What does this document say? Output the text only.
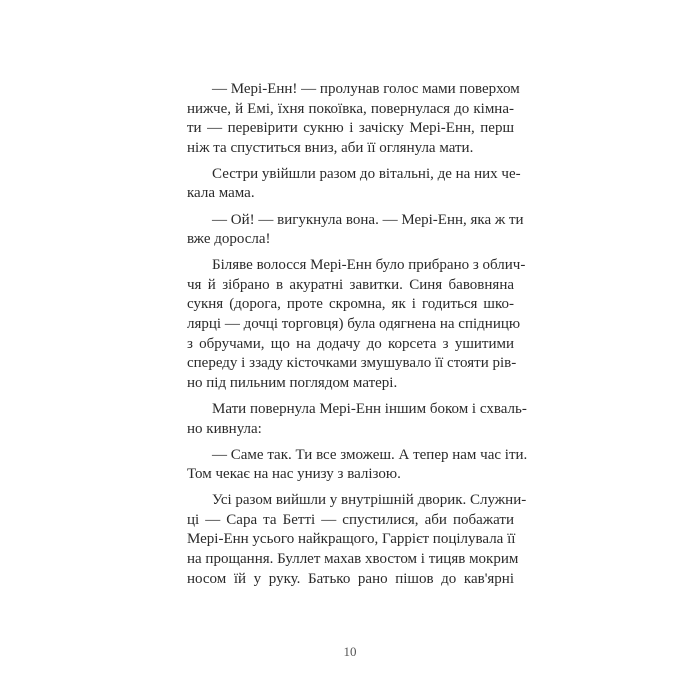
— Мері-Енн! — пролунав голос мами поверхом
нижче, й Емі, їхня покоївка, повернулася до кімна-
ти — перевірити сукню і зачіску Мері-Енн, перш
ніж та спуститься вниз, аби її оглянула мати.
Сестри увійшли разом до вітальні, де на них че-
кала мама.
— Ой! — вигукнула вона. — Мері-Енн, яка ж ти
вже доросла!
Біляве волосся Мері-Енн було прибрано з облич-
чя й зібрано в акуратні завитки. Синя бавовняна
сукня (дорога, проте скромна, як і годиться шко-
лярці — дочці торговця) була одягнена на спідницю
з обручами, що на додачу до корсета з ушитими
спереду і ззаду кісточками змушувало її стояти рів-
но під пильним поглядом матері.
Мати повернула Мері-Енн іншим боком і схваль-
но кивнула:
— Саме так. Ти все зможеш. А тепер нам час іти.
Том чекає на нас унизу з валізою.
Усі разом вийшли у внутрішній дворик. Служни-
ці — Сара та Бетті — спустилися, аби побажати
Мері-Енн усього найкращого, Гаррієт поцілувала її
на прощання. Буллет махав хвостом і тицяв мокрим
носом їй у руку. Батько рано пішов до кав'ярні
10
